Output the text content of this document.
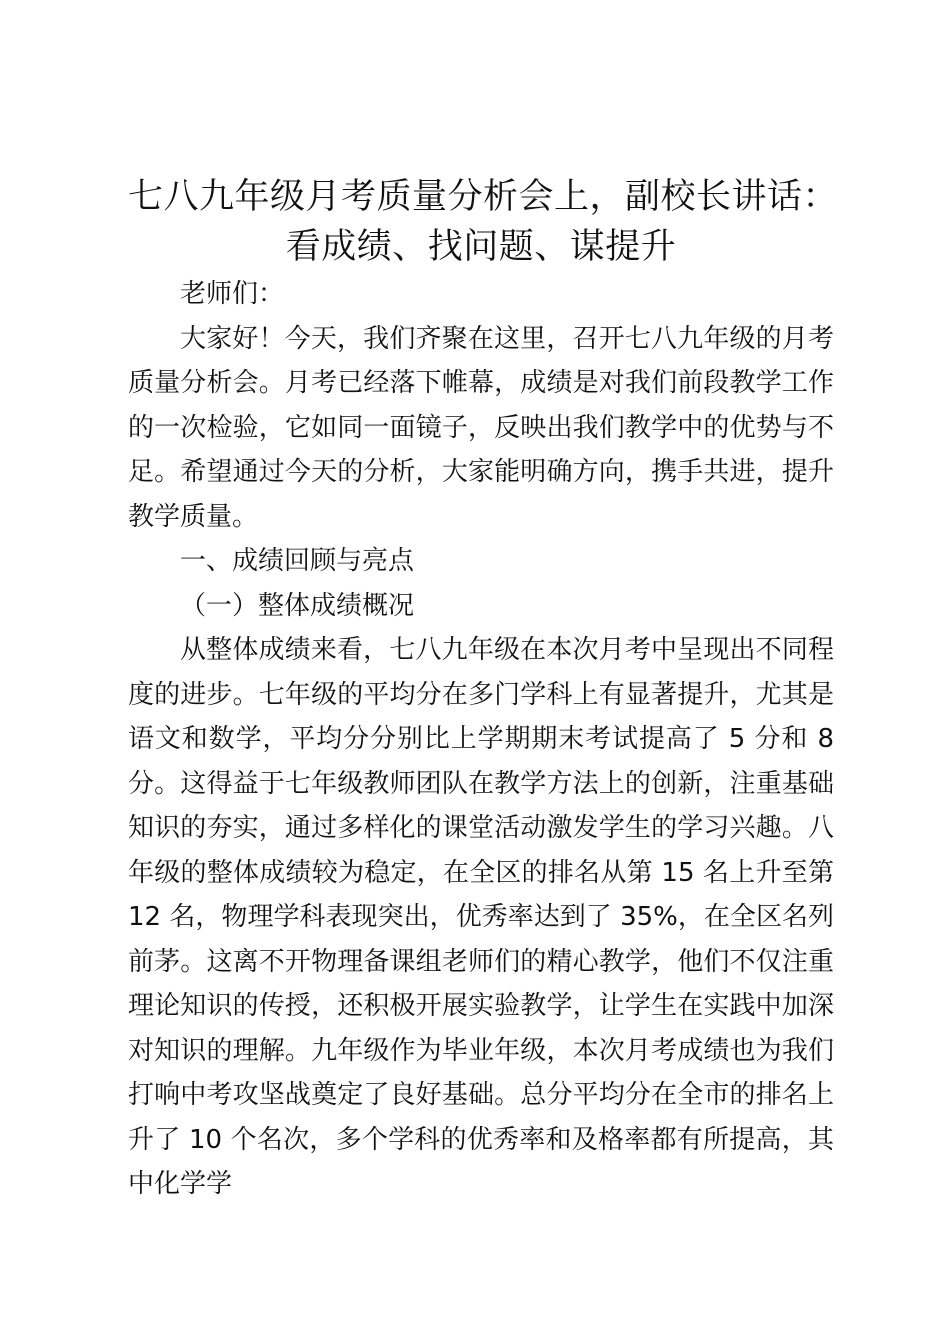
七八九年级月考质量分析会上，副校长讲话：
看成绩、找问题、谋提升

老师们：

大家好！今天，我们齐聚在这里，召开七八九年级的月考质量分析会。月考已经落下帷幕，成绩是对我们前段教学工作的一次检验，它如同一面镜子，反映出我们教学中的优势与不足。希望通过今天的分析，大家能明确方向，携手共进，提升教学质量。

一、成绩回顾与亮点

（一）整体成绩概况

从整体成绩来看，七八九年级在本次月考中呈现出不同程度的进步。七年级的平均分在多门学科上有显著提升，尤其是语文和数学，平均分分别比上学期期末考试提高了 5 分和 8 分。这得益于七年级教师团队在教学方法上的创新，注重基础知识的夯实，通过多样化的课堂活动激发学生的学习兴趣。八年级的整体成绩较为稳定，在全区的排名从第 15 名上升至第 12 名，物理学科表现突出，优秀率达到了 35%，在全区名列前茅。这离不开物理备课组老师们的精心教学，他们不仅注重理论知识的传授，还积极开展实验教学，让学生在实践中加深对知识的理解。九年级作为毕业年级，本次月考成绩也为我们打响中考攻坚战奠定了良好基础。总分平均分在全市的排名上升了 10 个名次，多个学科的优秀率和及格率都有所提高，其中化学学
